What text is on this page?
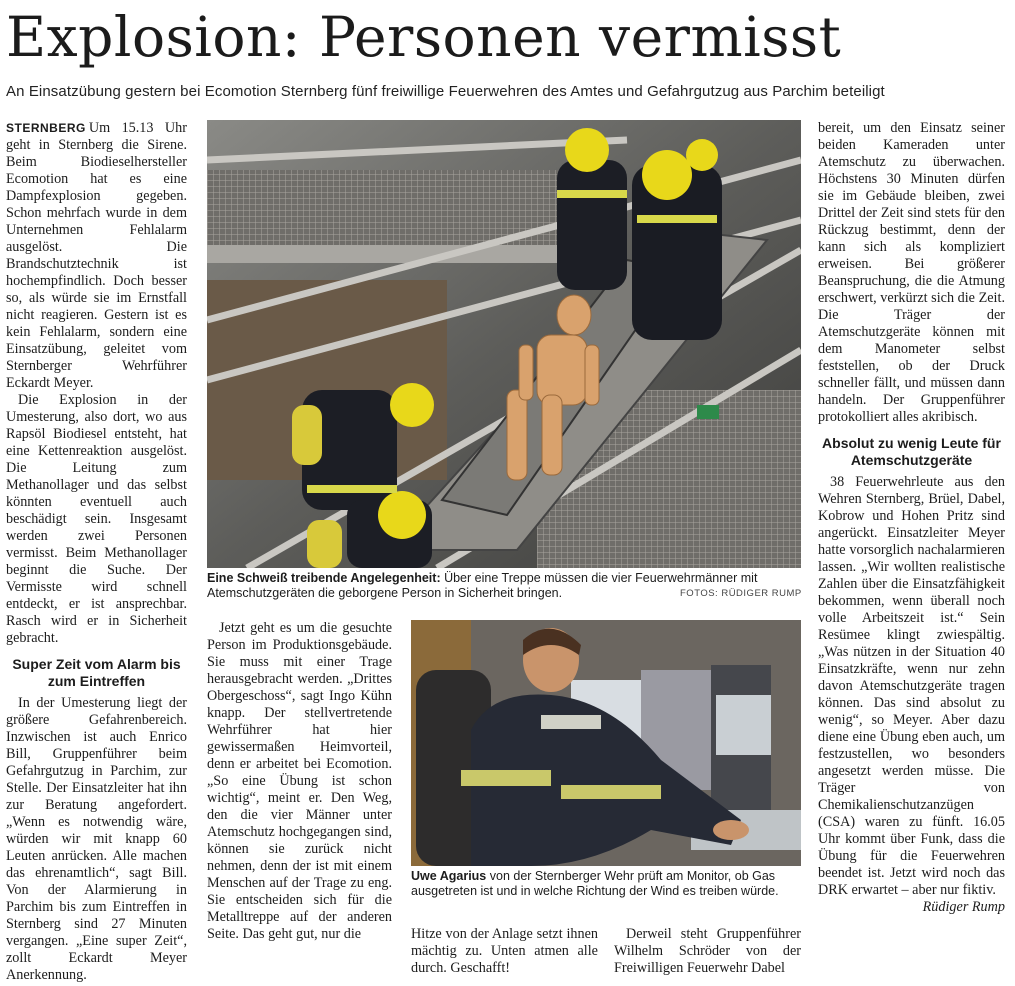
Explosion: Personen vermisst
An Einsatzübung gestern bei Ecomotion Sternberg fünf freiwillige Feuerwehren des Amtes und Gefahrgutzug aus Parchim beteiligt

STERNBERG Um 15.13 Uhr geht in Sternberg die Sirene. Beim Biodieselhersteller Ecomotion hat es eine Dampfexplosion gegeben. Schon mehrfach wurde in dem Unternehmen Fehlalarm ausgelöst. Die Brandschutztechnik ist hochempfindlich. Doch besser so, als würde sie im Ernstfall nicht reagieren. Gestern ist es kein Fehlalarm, sondern eine Einsatzübung, geleitet vom Sternberger Wehrführer Eckardt Meyer.

Die Explosion in der Umesterung, also dort, wo aus Rapsöl Biodiesel entsteht, hat eine Kettenreaktion ausgelöst. Die Leitung zum Methanollager und das selbst könnten eventuell auch beschädigt sein. Insgesamt werden zwei Personen vermisst. Beim Methanollager beginnt die Suche. Der Vermisste wird schnell entdeckt, er ist ansprechbar. Rasch wird er in Sicherheit gebracht.

Super Zeit vom Alarm bis zum Eintreffen

In der Umesterung liegt der größere Gefahrenbereich. Inzwischen ist auch Enrico Bill, Gruppenführer beim Gefahrgutzug in Parchim, zur Stelle. Der Einsatzleiter hat ihn zur Beratung angefordert. „Wenn es notwendig wäre, würden wir mit knapp 60 Leuten anrücken. Alle machen das ehrenamtlich“, sagt Bill. Von der Alarmierung in Parchim bis zum Eintreffen in Sternberg sind 27 Minuten vergangen. „Eine super Zeit“, zollt Eckardt Meyer Anerkennung.

Eine Schweiß treibende Angelegenheit: Über eine Treppe müssen die vier Feuerwehrmänner mit Atemschutzgeräten die geborgene Person in Sicherheit bringen.	FOTOS: RÜDIGER RUMP

Jetzt geht es um die gesuchte Person im Produktionsgebäude. Sie muss mit einer Trage herausgebracht werden. „Drittes Obergeschoss“, sagt Ingo Kühn knapp. Der stellvertretende Wehrführer hat hier gewissermaßen Heimvorteil, denn er arbeitet bei Ecomotion. „So eine Übung ist schon wichtig“, meint er. Den Weg, den die vier Männer unter Atemschutz hochgegangen sind, können sie zurück nicht nehmen, denn der ist mit einem Menschen auf der Trage zu eng. Sie entscheiden sich für die Metalltreppe auf der anderen Seite. Das geht gut, nur die

Uwe Agarius von der Sternberger Wehr prüft am Monitor, ob Gas ausgetreten ist und in welche Richtung der Wind es treiben würde.

Hitze von der Anlage setzt ihnen mächtig zu. Unten atmen alle durch. Geschafft!

Derweil steht Gruppenführer Wilhelm Schröder von der Freiwilligen Feuerwehr Dabel

bereit, um den Einsatz seiner beiden Kameraden unter Atemschutz zu überwachen. Höchstens 30 Minuten dürfen sie im Gebäude bleiben, zwei Drittel der Zeit sind stets für den Rückzug bestimmt, denn der kann sich als kompliziert erweisen. Bei größerer Beanspruchung, die die Atmung erschwert, verkürzt sich die Zeit. Die Träger der Atemschutzgeräte können mit dem Manometer selbst feststellen, ob der Druck schneller fällt, und müssen dann handeln. Der Gruppenführer protokolliert alles akribisch.

Absolut zu wenig Leute für Atemschutzgeräte

38 Feuerwehrleute aus den Wehren Sternberg, Brüel, Dabel, Kobrow und Hohen Pritz sind angerückt. Einsatzleiter Meyer hatte vorsorglich nachalarmieren lassen. „Wir wollten realistische Zahlen über die Einsatzfähigkeit bekommen, wenn überall noch volle Arbeitszeit ist.“ Sein Resümee klingt zwiespältig. „Was nützen in der Situation 40 Einsatzkräfte, wenn nur zehn davon Atemschutzgeräte tragen können. Das sind absolut zu wenig“, so Meyer. Aber dazu diene eine Übung eben auch, um festzustellen, wo besonders angesetzt werden müsse. Die Träger von Chemikalienschutzanzügen (CSA) waren zu fünft. 16.05 Uhr kommt über Funk, dass die Übung für die Feuerwehren beendet ist. Jetzt wird noch das DRK erwartet – aber nur fiktiv.

Rüdiger Rump
